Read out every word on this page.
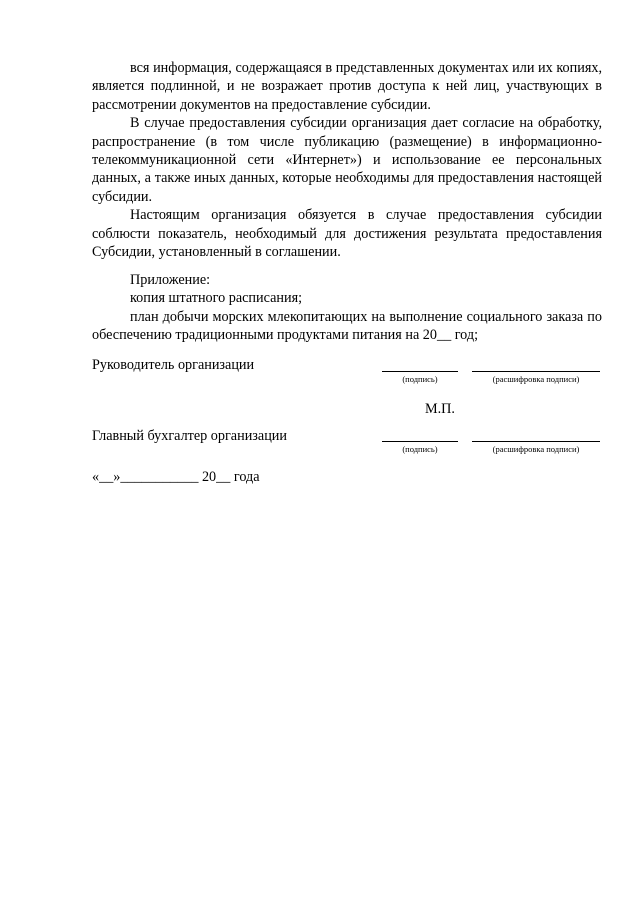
вся информация, содержащаяся в представленных документах или их копиях, является подлинной, и не возражает против доступа к ней лиц, участвующих в рассмотрении документов на предоставление субсидии.

В случае предоставления субсидии организация дает согласие на обработку, распространение (в том числе публикацию (размещение) в информационно-телекоммуникационной сети «Интернет») и использование ее персональных данных, а также иных данных, которые необходимы для предоставления настоящей субсидии.

Настоящим организация обязуется в случае предоставления субсидии соблюсти показатель, необходимый для достижения результата предоставления Субсидии, установленный в соглашении.

Приложение:
копия штатного расписания;

план добычи морских млекопитающих на выполнение социального заказа по обеспечению традиционными продуктами питания на 20__ год;

Руководитель организации
(подпись)	(расшифровка подписи)
М.П.
Главный бухгалтер организации
(подпись)	(расшифровка подписи)
«__»___________ 20__ года
